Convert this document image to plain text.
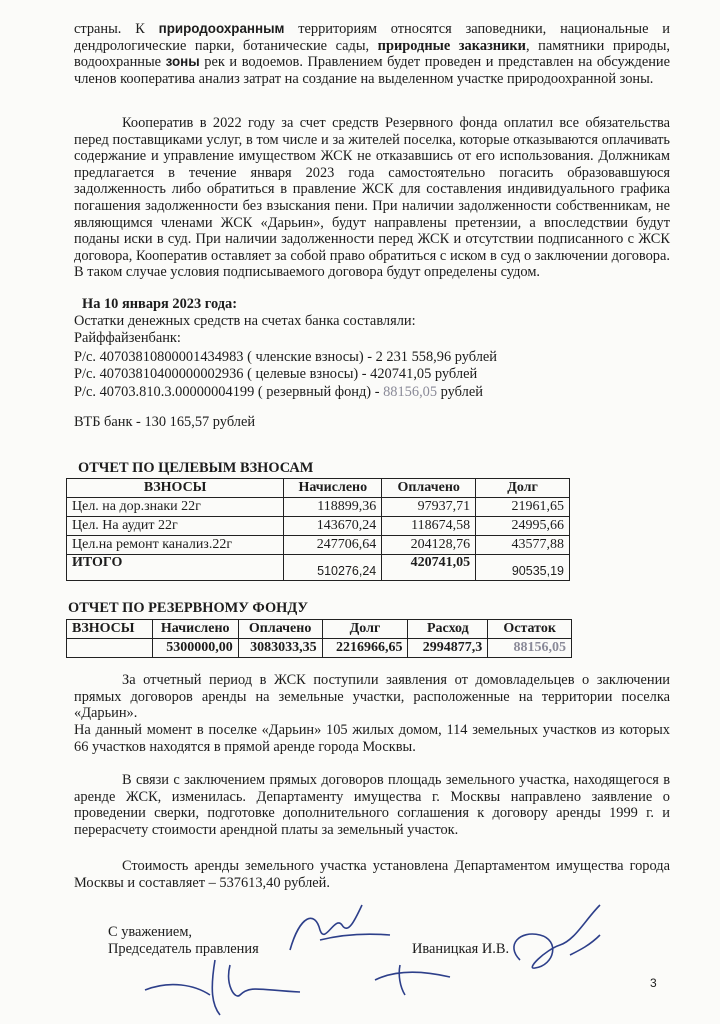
страны. К природоохранным территориям относятся заповедники, национальные и дендрологические парки, ботанические сады, природные заказники, памятники природы, водоохранные зоны рек и водоемов. Правлением будет проведен и представлен на обсуждение членов кооператива анализ затрат на создание на выделенном участке природоохранной зоны.

Кооператив в 2022 году за счет средств Резервного фонда оплатил все обязательства перед поставщиками услуг, в том числе и за жителей поселка, которые отказываются оплачивать содержание и управление имуществом ЖСК не отказавшись от его использования. Должникам предлагается в течение января 2023 года самостоятельно погасить образовавшуюся задолженность либо обратиться в правление ЖСК для составления индивидуального графика погашения задолженности без взыскания пени. При наличии задолженности собственникам, не являющимся членами ЖСК «Дарьин», будут направлены претензии, а впоследствии будут поданы иски в суд. При наличии задолженности перед ЖСК и отсутствии подписанного с ЖСК договора, Кооператив оставляет за собой право обратиться с иском в суд о заключении договора. В таком случае условия подписываемого договора будут определены судом.

На 10 января 2023 года:

Остатки денежных средств на счетах банка составляли:

Райффайзенбанк:

Р/с. 40703810800001434983 ( членские взносы) - 2 231 558,96 рублей

Р/с. 40703810400000002936 ( целевые взносы) - 420741,05 рублей

Р/с. 40703.810.3.00000004199 ( резервный фонд) - 88156,05 рублей

ВТБ банк - 130 165,57 рублей

ОТЧЕТ ПО ЦЕЛЕВЫМ ВЗНОСАМ

ВЗНОСЫ	Начислено	Оплачено	Долг
Цел. на дор.знаки 22г	118899,36	97937,71	21961,65
Цел. На аудит 22г	143670,24	118674,58	24995,66
Цел.на ремонт канализ.22г	247706,64	204128,76	43577,88
ИТОГО	510276,24	420741,05	90535,19

ОТЧЕТ ПО РЕЗЕРВНОМУ ФОНДУ

ВЗНОСЫ	Начислено	Оплачено	Долг	Расход	Остаток
	5300000,00	3083033,35	2216966,65	2994877,3	88156,05

За отчетный период в ЖСК поступили заявления от домовладельцев о заключении прямых договоров аренды на земельные участки, расположенные на территории поселка «Дарьин».

На данный момент в поселке «Дарьин» 105 жилых домом, 114 земельных участков из которых 66 участков находятся в прямой аренде города Москвы.

В связи с заключением прямых договоров площадь земельного участка, находящегося в аренде ЖСК, изменилась. Департаменту имущества г. Москвы направлено заявление о проведении сверки, подготовке дополнительного соглашения к договору аренды 1999 г. и перерасчету стоимости арендной платы за земельный участок.

Стоимость аренды земельного участка установлена Департаментом имущества города Москвы и составляет – 537613,40 рублей.

С уважением,

Председатель правления	Иваницкая И.В.

3
